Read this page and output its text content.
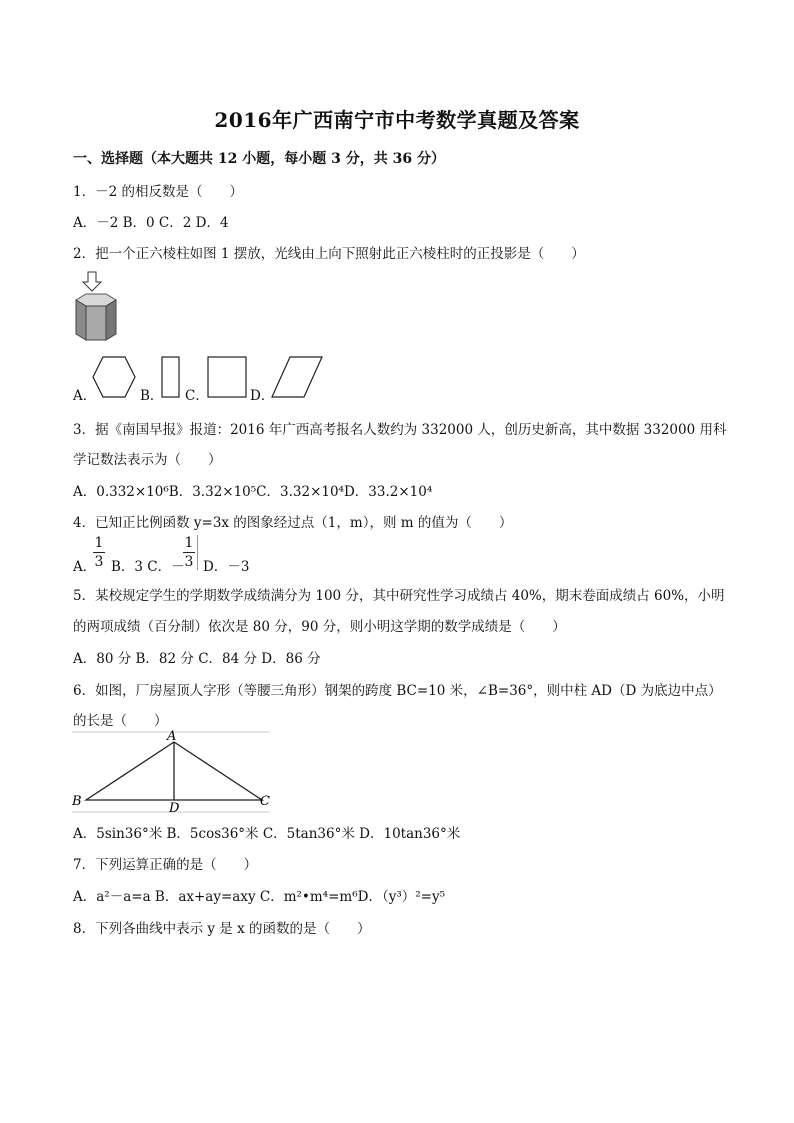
2016年广西南宁市中考数学真题及答案
一、选择题（本大题共 12 小题，每小题 3 分，共 36 分）
1．－2 的相反数是（　　）
A．－2 B．0 C．2 D．4
2．把一个正六棱柱如图 1 摆放，光线由上向下照射此正六棱柱时的正投影是（　　）
A．	B． C．	D．
3．据《南国早报》报道：2016 年广西高考报名人数约为 332000 人，创历史新高，其中数据 332000 用科
学记数法表示为（　　）
A．0.332×10⁶B．3.32×10⁵C．3.32×10⁴D．33.2×10⁴
4．已知正比例函数 y=3x 的图象经过点（1，m），则 m 的值为（　　）
A．
1
3 B．3 C．－
1
3 D．－3
5．某校规定学生的学期数学成绩满分为 100 分，其中研究性学习成绩占 40%，期末卷面成绩占 60%，小明
的两项成绩（百分制）依次是 80 分，90 分，则小明这学期的数学成绩是（　　）
A．80 分 B．82 分 C．84 分 D．86 分
6．如图，厂房屋顶人字形（等腰三角形）钢架的跨度 BC=10 米，∠B=36°，则中柱 AD（D 为底边中点）
的长是（　　）
A
B	D	C
A．5sin36°米 B．5cos36°米 C．5tan36°米 D．10tan36°米
7．下列运算正确的是（　　）
A．a²－a=a B．ax+ay=axy C．m²•m⁴=m⁶D．（y³）²=y⁵
8．下列各曲线中表示 y 是 x 的函数的是（　　）
